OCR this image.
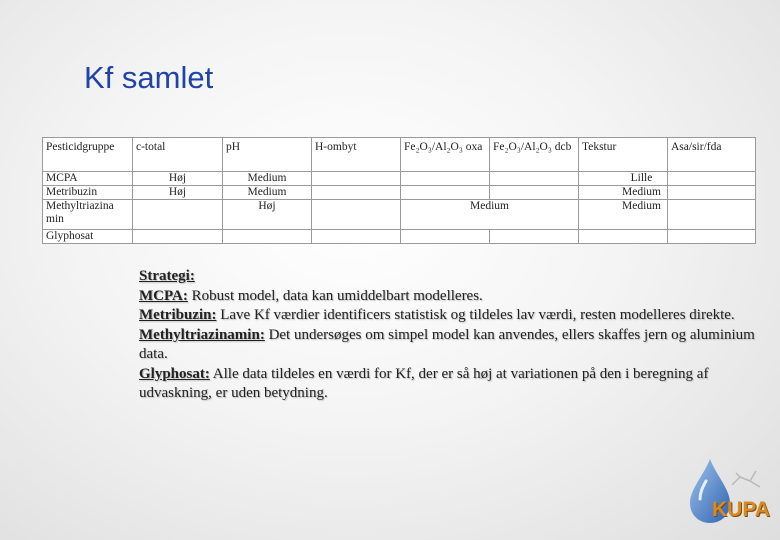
Kf samlet
Pesticidgruppe	c-total	pH	H-ombyt	Fe₂O₃/Al₂O₃ oxa	Fe₂O₃/Al₂O₃ dcb	Tekstur	Asa/sir/fda
MCPA	Høj	Medium				Lille	
Metribuzin	Høj	Medium				Medium	
Methyltriazina min		Høj		Medium		Medium	
Glyphosat							

Strategi:

MCPA: Robust model, data kan umiddelbart modelleres.

Metribuzin: Lave Kf værdier identificers statistisk og tildeles lav værdi, resten modelleres direkte.

Methyltriazinamin: Det undersøges om simpel model kan anvendes, ellers skaffes jern og aluminium data.

Glyphosat: Alle data tildeles en værdi for Kf, der er så høj at variationen på den i beregning af udvaskning, er uden betydning.

KUPA
